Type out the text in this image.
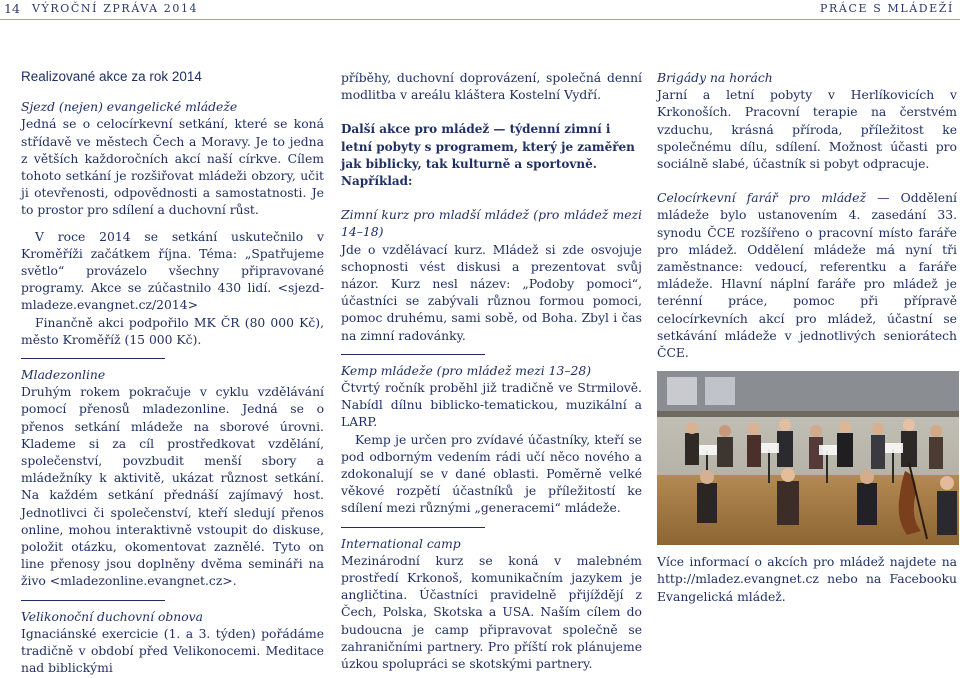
14 VÝROČNÍ ZPRÁVA 2014	PRÁCE S MLÁDEŽÍ

Realizované akce za rok 2014

Sjezd (nejen) evangelické mládeže

Jedná se o celocírkevní setkání, které se koná střídavě ve městech Čech a Moravy. Je to jedna z větších každoročních akcí naší církve. Cílem tohoto setkání je rozšiřovat mládeži obzory, učit ji otevřenosti, odpovědnosti a samostatnosti. Je to prostor pro sdílení a duchovní růst.

V roce 2014 se setkání uskutečnilo v Kroměříži začátkem října. Téma: „Spatřujeme světlo“ provázelo všechny připravované programy. Akce se zúčastnilo 430 lidí. <sjezd-mladeze.evangnet.cz/2014>

Finančně akci podpořilo MK ČR (80 000 Kč), město Kroměříž (15 000 Kč).

Mladezonline

Druhým rokem pokračuje v cyklu vzdělávání pomocí přenosů mladezonline. Jedná se o přenos setkání mládeže na sborové úrovni. Klademe si za cíl prostředkovat vzdělání, společenství, povzbudit menší sbory a mládežníky k aktivitě, ukázat různost setkání. Na každém setkání přednáší zajímavý host. Jednotlivci či společenství, kteří sledují přenos online, mohou interaktivně vstoupit do diskuse, položit otázku, okomentovat zaznělé. Tyto on line přenosy jsou doplněny dvěma semináři na živo <mladezonline.evangnet.cz>.

Velikonoční duchovní obnova

Ignaciánské exercicie (1. a 3. týden) pořádáme tradičně v období před Velikonocemi. Meditace nad biblickými

příběhy, duchovní doprovázení, společná denní modlitba v areálu kláštera Kostelní Vydří.

Další akce pro mládež — týdenní zimní i letní pobyty s programem, který je zaměřen jak biblicky, tak kulturně a sportovně. Například:

Zimní kurz pro mladší mládež (pro mládež mezi 14–18)

Jde o vzdělávací kurz. Mládež si zde osvojuje schopnosti vést diskusi a prezentovat svůj názor. Kurz nesl název: „Podoby pomoci“, účastníci se zabývali různou formou pomoci, pomoc druhému, sami sobě, od Boha. Zbyl i čas na zimní radovánky.

Kemp mládeže (pro mládež mezi 13–28)

Čtvrtý ročník proběhl již tradičně ve Strmilově. Nabídl dílnu biblicko-tematickou, muzikální a LARP.

Kemp je určen pro zvídavé účastníky, kteří se pod odborným vedením rádi učí něco nového a zdokonalují se v dané oblasti. Poměrně velké věkové rozpětí účastníků je příležitostí ke sdílení mezi různými „generacemi“ mládeže.

International camp

Mezinárodní kurz se koná v malebném prostředí Krkonoš, komunikačním jazykem je angličtina. Účastníci pravidelně přijíždějí z Čech, Polska, Skotska a USA. Naším cílem do budoucna je camp připravovat společně se zahraničními partnery. Pro příští rok plánujeme úzkou spolupráci se skotskými partnery.

Brigády na horách

Jarní a letní pobyty v Herlíkovicích v Krkonoších. Pracovní terapie na čerstvém vzduchu, krásná příroda, příležitost ke společnému dílu, sdílení. Možnost účasti pro sociálně slabé, účastník si pobyt odpracuje.

Celocírkevní farář pro mládež — Oddělení mládeže bylo ustanovením 4. zasedání 33. synodu ČCE rozšířeno o pracovní místo faráře pro mládež. Oddělení mládeže má nyní tři zaměstnance: vedoucí, referentku a faráře mládeže. Hlavní náplní faráře pro mládež je terénní práce, pomoc při přípravě celocírkevních akcí pro mládež, účastní se setkávání mládeže v jednotlivých seniorátech ČCE.

Více informací o akcích pro mládež najdete na http://mladez.evangnet.cz nebo na Facebooku Evangelická mládež.
